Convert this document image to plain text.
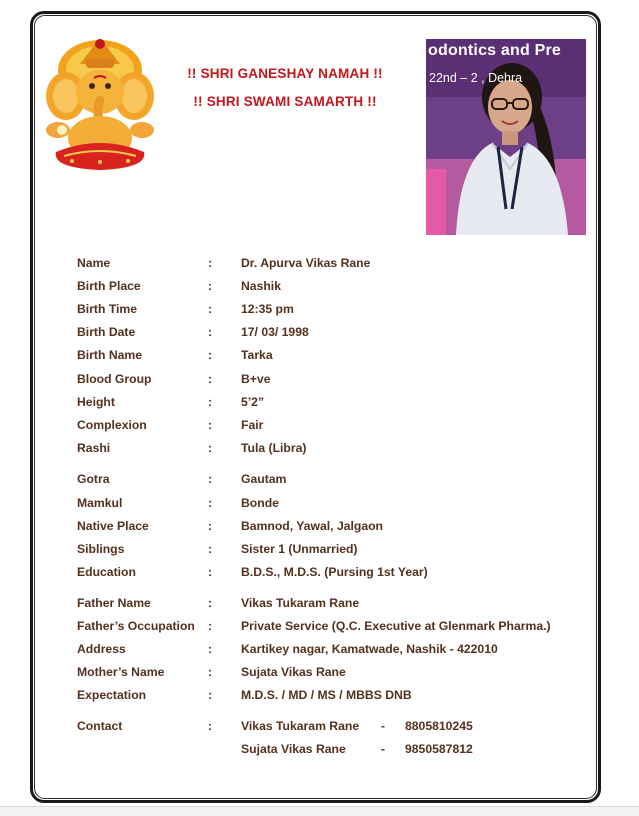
!! SHRI GANESHAY NAMAH !!
!! SHRI SWAMI SAMARTH !!
odontics and Pre
22nd – 2 , Dehra
Name	: Dr. Apurva Vikas Rane
Birth Place	: Nashik
Birth Time	: 12:35 pm
Birth Date	: 17/ 03/ 1998
Birth Name	: Tarka
Blood Group	: B+ve
Height	: 5’2”
Complexion	: Fair
Rashi	: Tula (Libra)
Gotra	: Gautam
Mamkul	: Bonde
Native Place	: Bamnod, Yawal, Jalgaon
Siblings	: Sister 1 (Unmarried)
Education	: B.D.S., M.D.S. (Pursing 1st Year)
Father Name	: Vikas Tukaram Rane
Father’s Occupation : Private Service (Q.C. Executive at Glenmark Pharma.)
Address	: Kartikey nagar, Kamatwade, Nashik - 422010
Mother’s Name	: Sujata Vikas Rane
Expectation	: M.D.S. / MD / MS / MBBS DNB
Contact	: Vikas Tukaram Rane - 8805810245
Sujata Vikas Rane	- 9850587812
